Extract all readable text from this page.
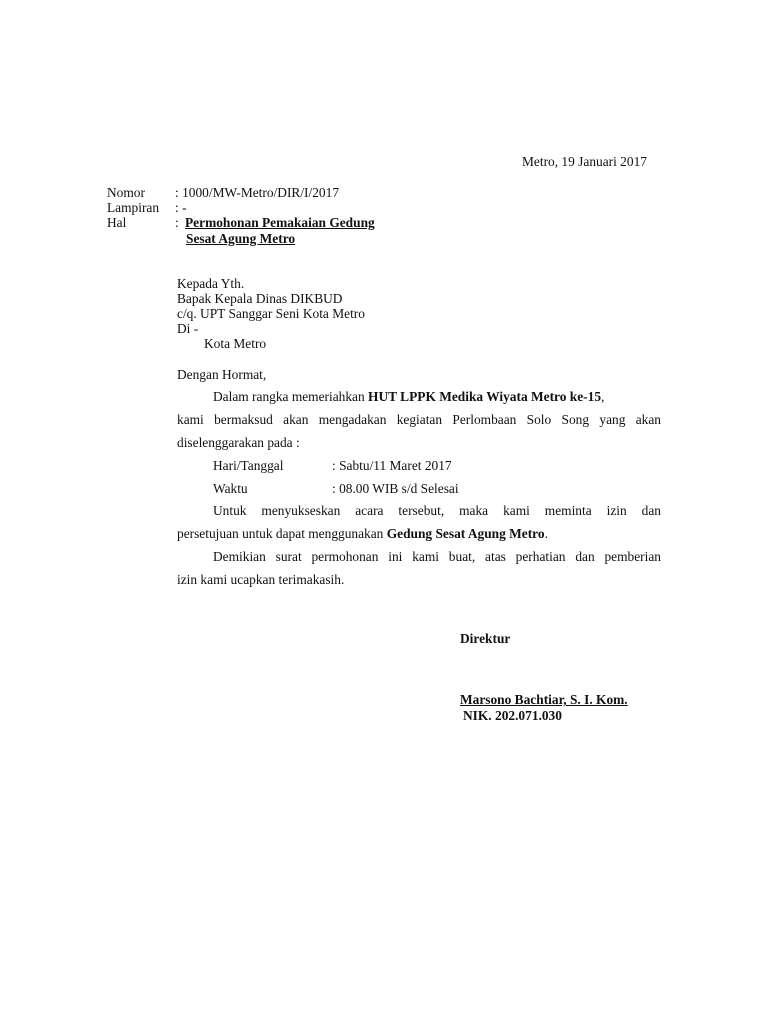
Metro, 19 Januari 2017
Nomor : 1000/MW-Metro/DIR/I/2017
Lampiran : -
Hal	: Permohonan Pemakaian Gedung
Sesat Agung Metro
Kepada Yth.
Bapak Kepala Dinas DIKBUD
c/q. UPT Sanggar Seni Kota Metro
Di -
Kota Metro
Dengan Hormat,
Dalam rangka memeriahkan HUT LPPK Medika Wiyata Metro ke-15,
kami bermaksud akan mengadakan kegiatan Perlombaan Solo Song yang akan
diselenggarakan pada :
Hari/Tanggal	: Sabtu/11 Maret 2017
Waktu	: 08.00 WIB s/d Selesai
Untuk menyukseskan acara tersebut, maka kami meminta izin dan
persetujuan untuk dapat menggunakan Gedung Sesat Agung Metro.
Demikian surat permohonan ini kami buat, atas perhatian dan pemberian
izin kami ucapkan terimakasih.
Direktur
Marsono Bachtiar, S. I. Kom.
NIK. 202.071.030
